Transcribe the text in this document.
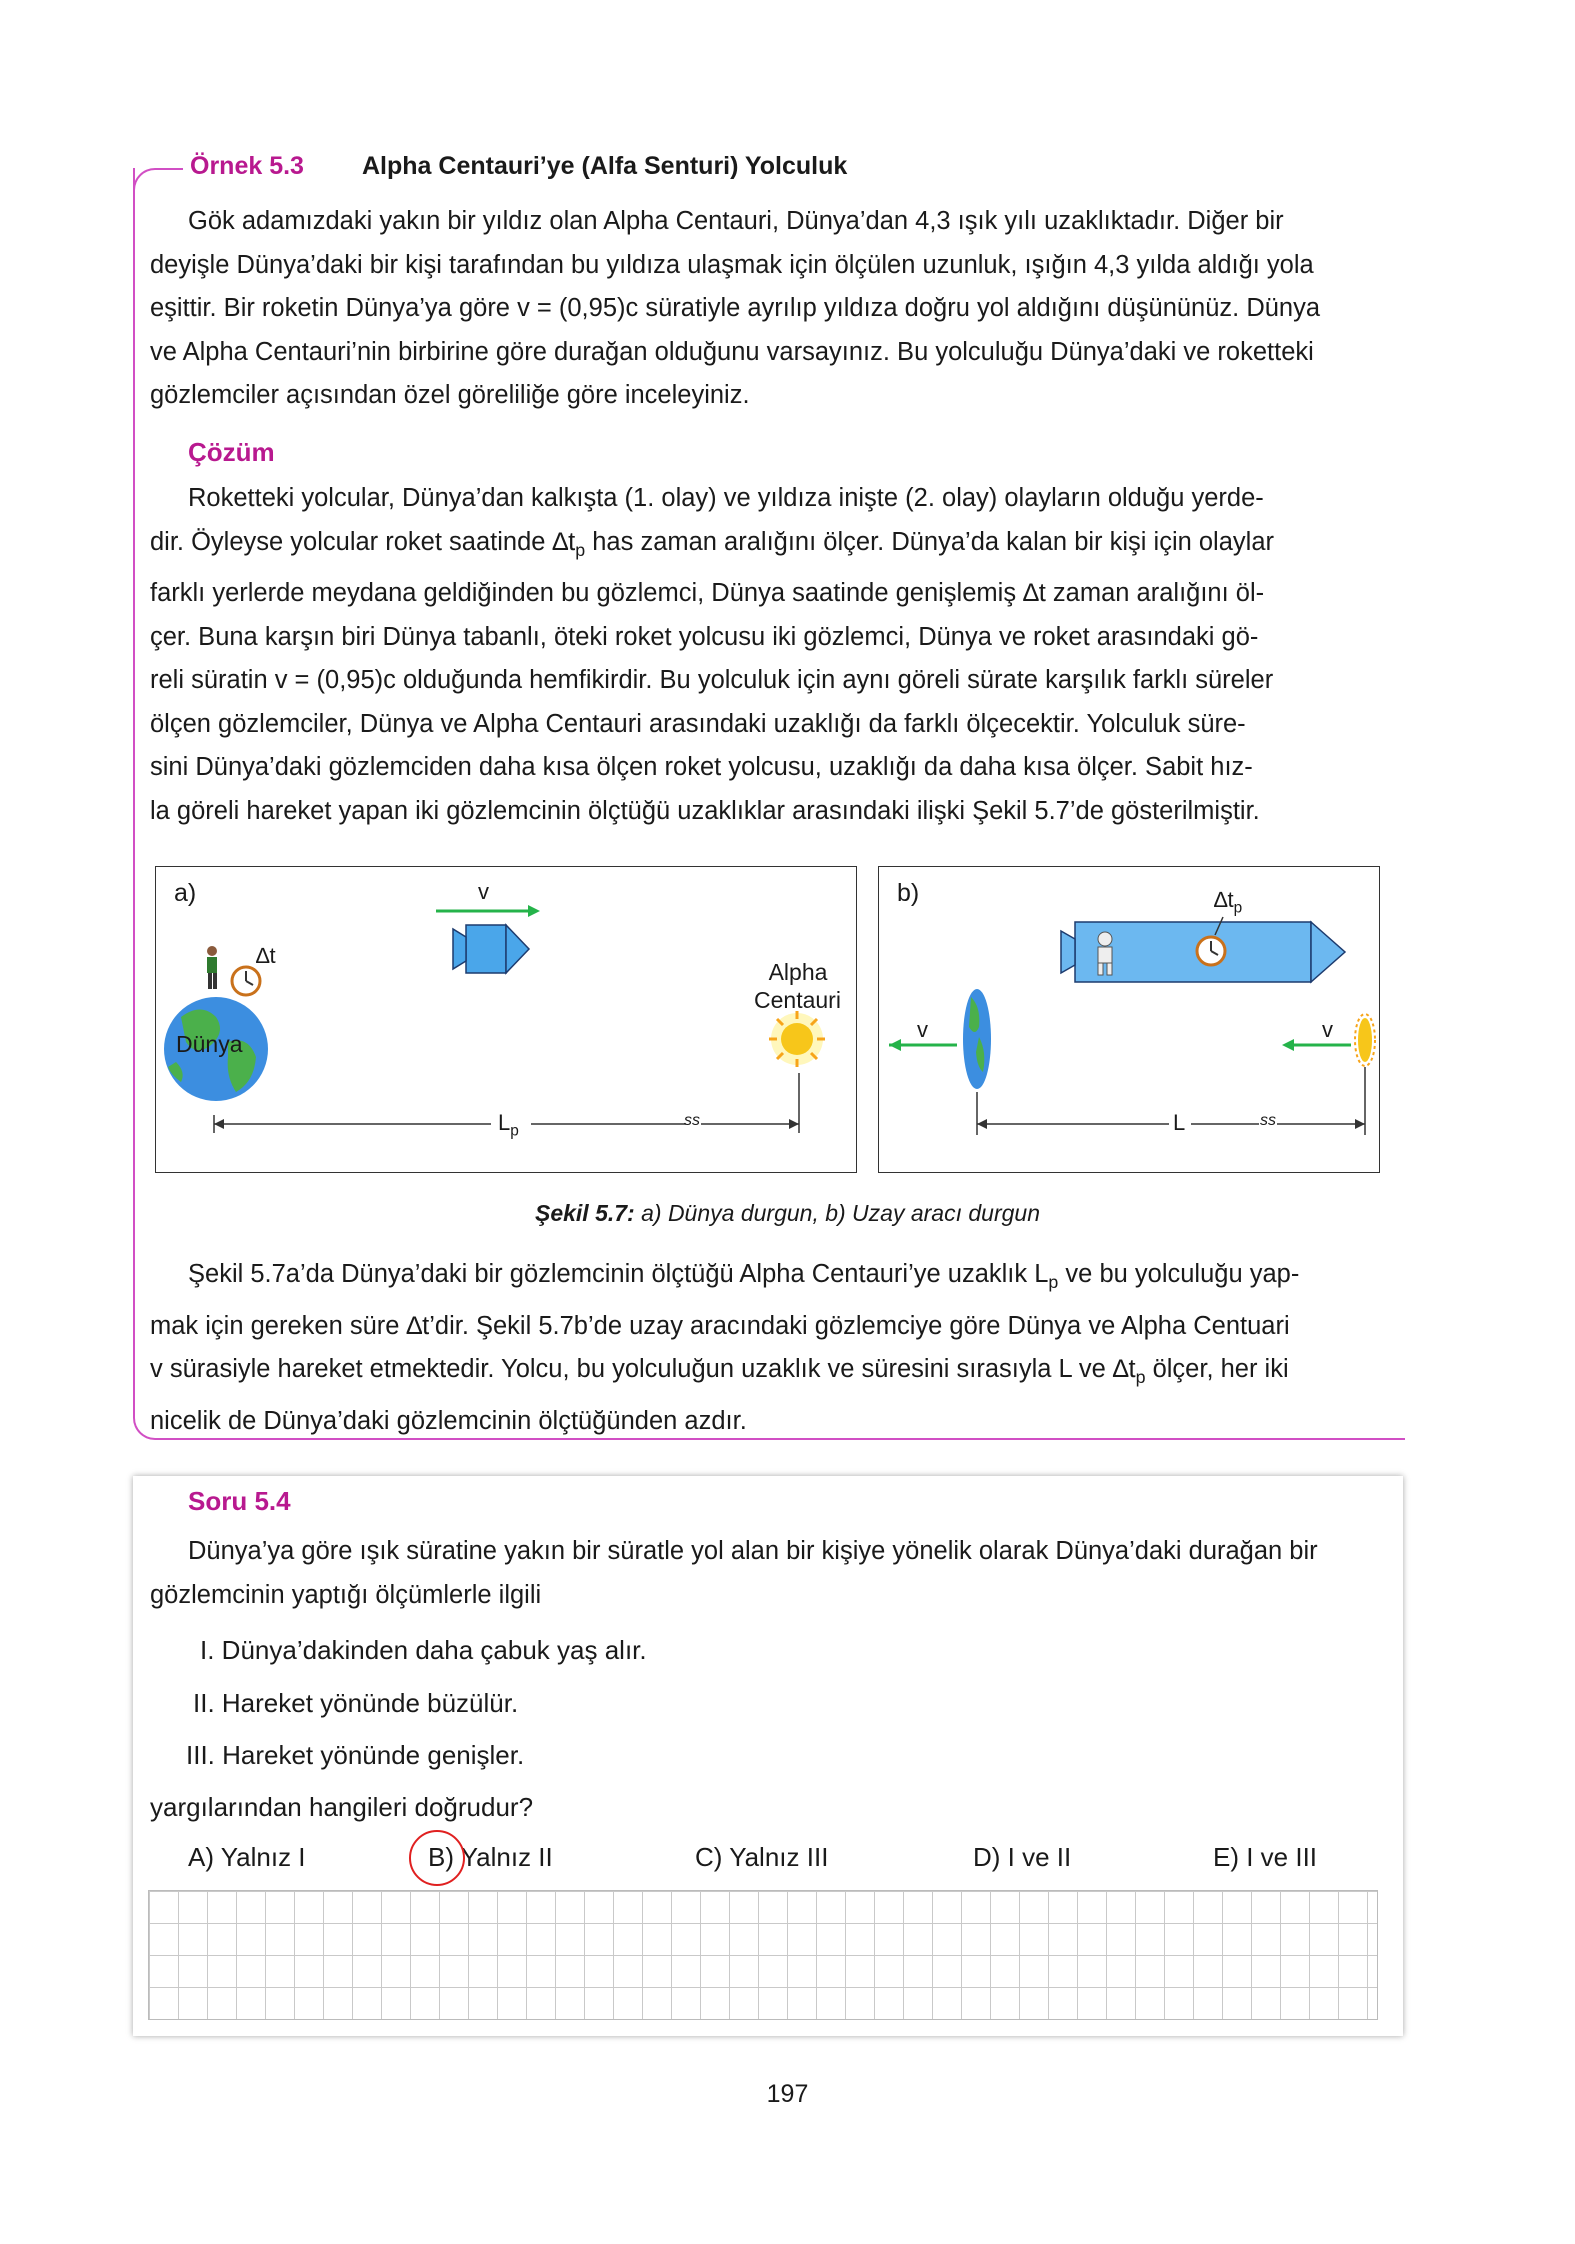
Örnek 5.3 Alpha Centauri’ye (Alfa Senturi) Yolculuk
Gök adamızdaki yakın bir yıldız olan Alpha Centauri, Dünya’dan 4,3 ışık yılı uzaklıktadır. Diğer bir
deyişle Dünya’daki bir kişi tarafından bu yıldıza ulaşmak için ölçülen uzunluk, ışığın 4,3 yılda aldığı yola
eşittir. Bir roketin Dünya’ya göre v = (0,95)c süratiyle ayrılıp yıldıza doğru yol aldığını düşününüz. Dünya
ve Alpha Centauri’nin birbirine göre durağan olduğunu varsayınız. Bu yolculuğu Dünya’daki ve roketteki
gözlemciler açısından özel göreliliğe göre inceleyiniz.
Çözüm
Roketteki yolcular, Dünya’dan kalkışta (1. olay) ve yıldıza inişte (2. olay) olayların olduğu yerde-
dir. Öyleyse yolcular roket saatinde $\Delta t_p$ has zaman aralığını ölçer. Dünya’da kalan bir kişi için olaylar
farklı yerlerde meydana geldiğinden bu gözlemci, Dünya saatinde genişlemiş ∆t zaman aralığını öl-
çer. Buna karşın biri Dünya tabanlı, öteki roket yolcusu iki gözlemci, Dünya ve roket arasındaki gö-
reli süratin v = (0,95)c olduğunda hemfikirdir. Bu yolculuk için aynı göreli sürate karşılık farklı süreler
ölçen gözlemciler, Dünya ve Alpha Centauri arasındaki uzaklığı da farklı ölçecektir. Yolculuk süre-
sini Dünya’daki gözlemciden daha kısa ölçen roket yolcusu, uzaklığı da daha kısa ölçer. Sabit hız-
la göreli hareket yapan iki gözlemcinin ölçtüğü uzaklıklar arasındaki ilişki Şekil 5.7’de gösterilmiştir.
a)	v
∆t
Dünya
Alpha
Centauri
$L_p$
ss
b)	$\Delta t_p$
v	v
L	ss
Şekil 5.7: a) Dünya durgun, b) Uzay aracı durgun
Şekil 5.7a’da Dünya’daki bir gözlemcinin ölçtüğü Alpha Centauri’ye uzaklık $L_p$ ve bu yolculuğu yap-
mak için gereken süre ∆t’dir. Şekil 5.7b’de uzay aracındaki gözlemciye göre Dünya ve Alpha Centuari
v sürasiyle hareket etmektedir. Yolcu, bu yolculuğun uzaklık ve süresini sırasıyla L ve $\Delta t_p$ ölçer, her iki
nicelik de Dünya’daki gözlemcinin ölçtüğünden azdır.
Soru 5.4
Dünya’ya göre ışık süratine yakın bir süratle yol alan bir kişiye yönelik olarak Dünya’daki durağan bir
gözlemcinin yaptığı ölçümlerle ilgili
I. Dünya’dakinden daha çabuk yaş alır.
II. Hareket yönünde büzülür.
III. Hareket yönünde genişler.
yargılarından hangileri doğrudur?
A) Yalnız I	B) Yalnız II	C) Yalnız III	D) I ve II	E) I ve III
197
